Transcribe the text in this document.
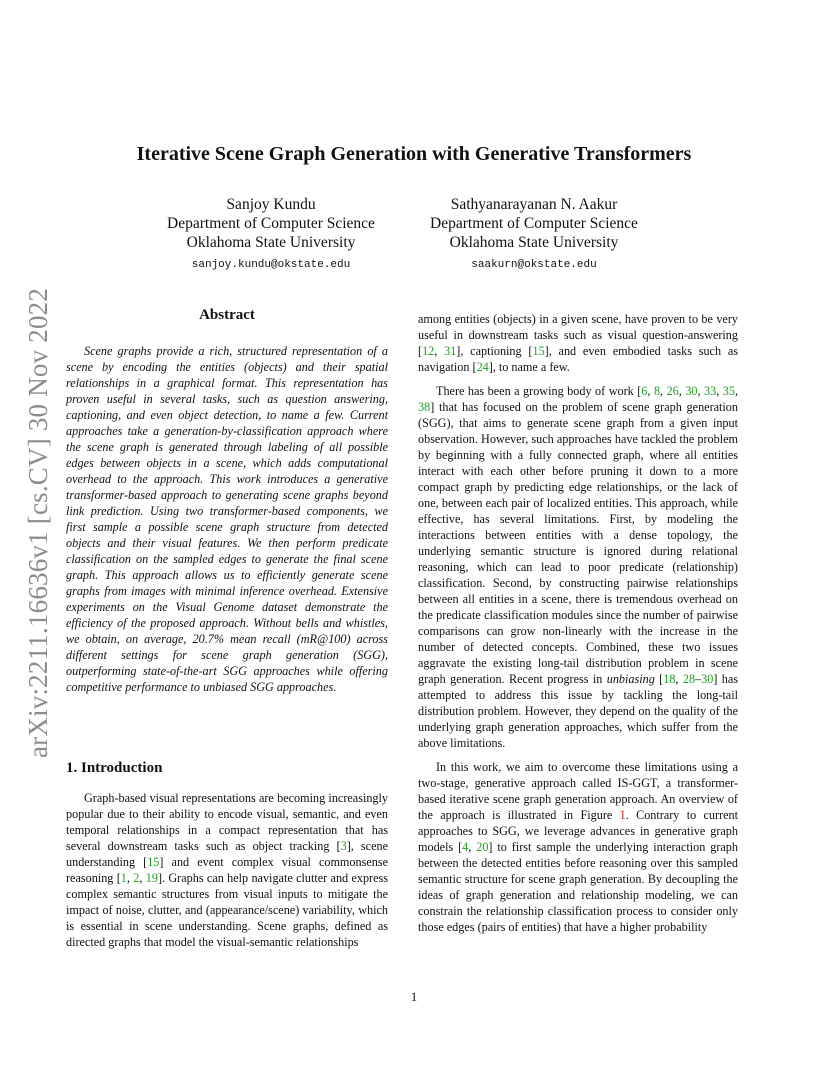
Iterative Scene Graph Generation with Generative Transformers
Sanjoy Kundu
Department of Computer Science
Oklahoma State University
sanjoy.kundu@okstate.edu
Sathyanarayanan N. Aakur
Department of Computer Science
Oklahoma State University
saakurn@okstate.edu
arXiv:2211.16636v1 [cs.CV] 30 Nov 2022	Abstract

Scene graphs provide a rich, structured representation of a scene by encoding the entities (objects) and their spatial relationships in a graphical format. This representation has proven useful in several tasks, such as question answering, captioning, and even object detection, to name a few. Current approaches take a generation-by-classification approach where the scene graph is generated through labeling of all possible edges between objects in a scene, which adds computational overhead to the approach. This work introduces a generative transformer-based approach to generating scene graphs beyond link prediction. Using two transformer-based components, we first sample a possible scene graph structure from detected objects and their visual features. We then perform predicate classification on the sampled edges to generate the final scene graph. This approach allows us to efficiently generate scene graphs from images with minimal inference overhead. Extensive experiments on the Visual Genome dataset demonstrate the efficiency of the proposed approach. Without bells and whistles, we obtain, on average, 20.7% mean recall (mR@100) across different settings for scene graph generation (SGG), outperforming state-of-the-art SGG approaches while offering competitive performance to unbiased SGG approaches.

1. Introduction

Graph-based visual representations are becoming increasingly popular due to their ability to encode visual, semantic, and even temporal relationships in a compact representation that has several downstream tasks such as object tracking [3], scene understanding [15] and event complex visual commonsense reasoning [1, 2, 19]. Graphs can help navigate clutter and express complex semantic structures from visual inputs to mitigate the impact of noise, clutter, and (appearance/scene) variability, which is essential in scene understanding. Scene graphs, defined as directed graphs that model the visual-semantic relationships

among entities (objects) in a given scene, have proven to be very useful in downstream tasks such as visual question-answering [12, 31], captioning [15], and even embodied tasks such as navigation [24], to name a few.

There has been a growing body of work [6, 8, 26, 30, 33, 35, 38] that has focused on the problem of scene graph generation (SGG), that aims to generate scene graph from a given input observation. However, such approaches have tackled the problem by beginning with a fully connected graph, where all entities interact with each other before pruning it down to a more compact graph by predicting edge relationships, or the lack of one, between each pair of localized entities. This approach, while effective, has several limitations. First, by modeling the interactions between entities with a dense topology, the underlying semantic structure is ignored during relational reasoning, which can lead to poor predicate (relationship) classification. Second, by constructing pairwise relationships between all entities in a scene, there is tremendous overhead on the predicate classification modules since the number of pairwise comparisons can grow non-linearly with the increase in the number of detected concepts. Combined, these two issues aggravate the existing long-tail distribution problem in scene graph generation. Recent progress in unbiasing [18, 28–30] has attempted to address this issue by tackling the long-tail distribution problem. However, they depend on the quality of the underlying graph generation approaches, which suffer from the above limitations.

In this work, we aim to overcome these limitations using a two-stage, generative approach called IS-GGT, a transformer-based iterative scene graph generation approach. An overview of the approach is illustrated in Figure 1. Contrary to current approaches to SGG, we leverage advances in generative graph models [4, 20] to first sample the underlying interaction graph between the detected entities before reasoning over this sampled semantic structure for scene graph generation. By decoupling the ideas of graph generation and relationship modeling, we can constrain the relationship classification process to consider only those edges (pairs of entities) that have a higher probability

1
